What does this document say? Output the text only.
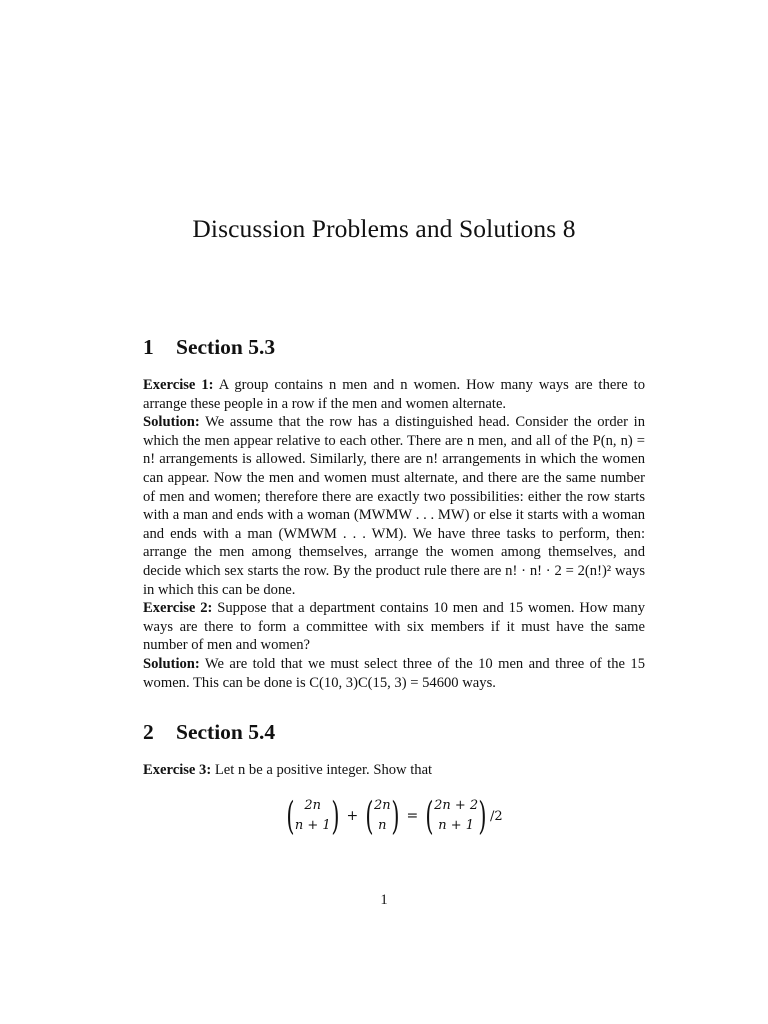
Discussion Problems and Solutions 8
1 Section 5.3

Exercise 1: A group contains n men and n women. How many ways are there to arrange these people in a row if the men and women alternate.

Solution: We assume that the row has a distinguished head. Consider the order in which the men appear relative to each other. There are n men, and all of the P(n, n) = n! arrangements is allowed. Similarly, there are n! arrangements in which the women can appear. Now the men and women must alternate, and there are the same number of men and women; therefore there are exactly two possibilities: either the row starts with a man and ends with a woman (MWMW . . . MW) or else it starts with a woman and ends with a man (WMWM . . . WM). We have three tasks to perform, then: arrange the men among themselves, arrange the women among themselves, and decide which sex starts the row. By the product rule there are n! · n! · 2 = 2(n!)² ways in which this can be done.

Exercise 2: Suppose that a department contains 10 men and 15 women. How many ways are there to form a committee with six members if it must have the same number of men and women?

Solution: We are told that we must select three of the 10 men and three of the 15 women. This can be done is C(10, 3)C(15, 3) = 54600 ways.

2 Section 5.4

Exercise 3: Let n be a positive integer. Show that

( 2n
n + 1 ) + ( 2n
n ) = ( 2n + 2
n + 1 ) /2
1
